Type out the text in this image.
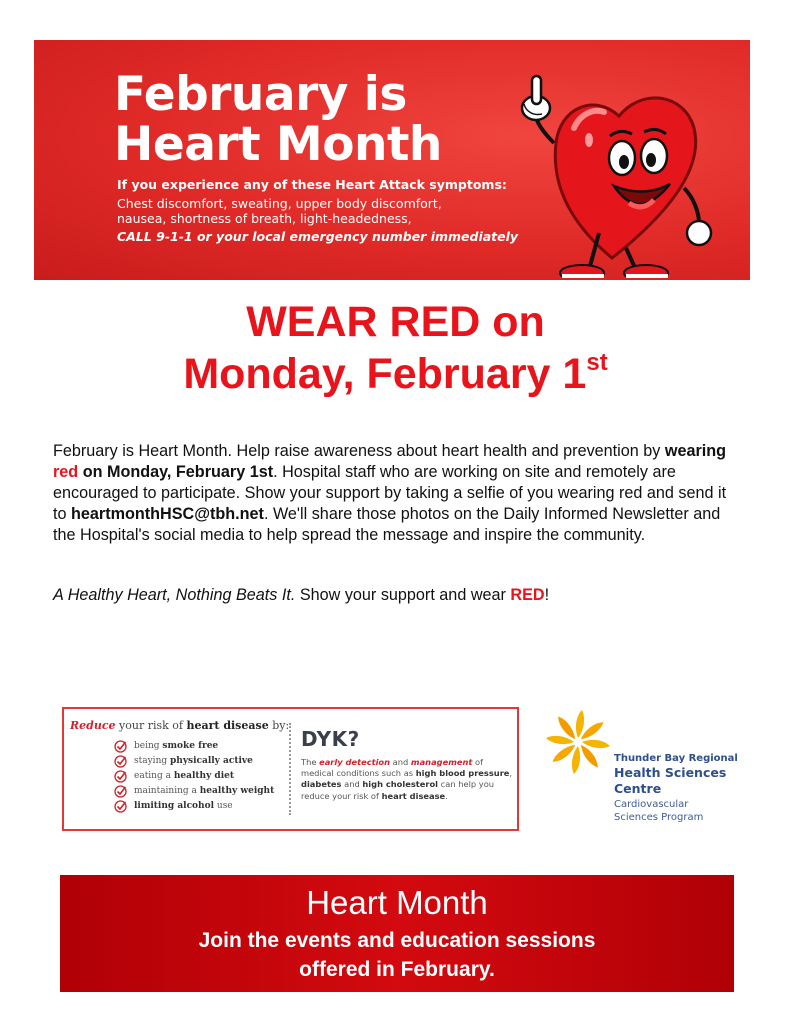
February is
Heart Month
If you experience any of these Heart Attack symptoms:
Chest discomfort, sweating, upper body discomfort,
nausea, shortness of breath, light-headedness,
CALL 9-1-1 or your local emergency number immediately
WEAR RED on
Monday, February 1st
February is Heart Month. Help raise awareness about heart health and prevention by wearing red on Monday, February 1st. Hospital staff who are working on site and remotely are encouraged to participate. Show your support by taking a selfie of you wearing red and send it to heartmonthHSC@tbh.net. We'll share those photos on the Daily Informed Newsletter and the Hospital's social media to help spread the message and inspire the community.
A Healthy Heart, Nothing Beats It. Show your support and wear RED!
Reduce your risk of heart disease by:
being smoke free
staying physically active
eating a healthy diet
maintaining a healthy weight
limiting alcohol use
DYK?
The early detection and management of medical conditions such as high blood pressure, diabetes and high cholesterol can help you reduce your risk of heart disease.
Thunder Bay Regional
Health Sciences
Centre
Cardiovascular
Sciences Program
Heart Month
Join the events and education sessions
offered in February.
